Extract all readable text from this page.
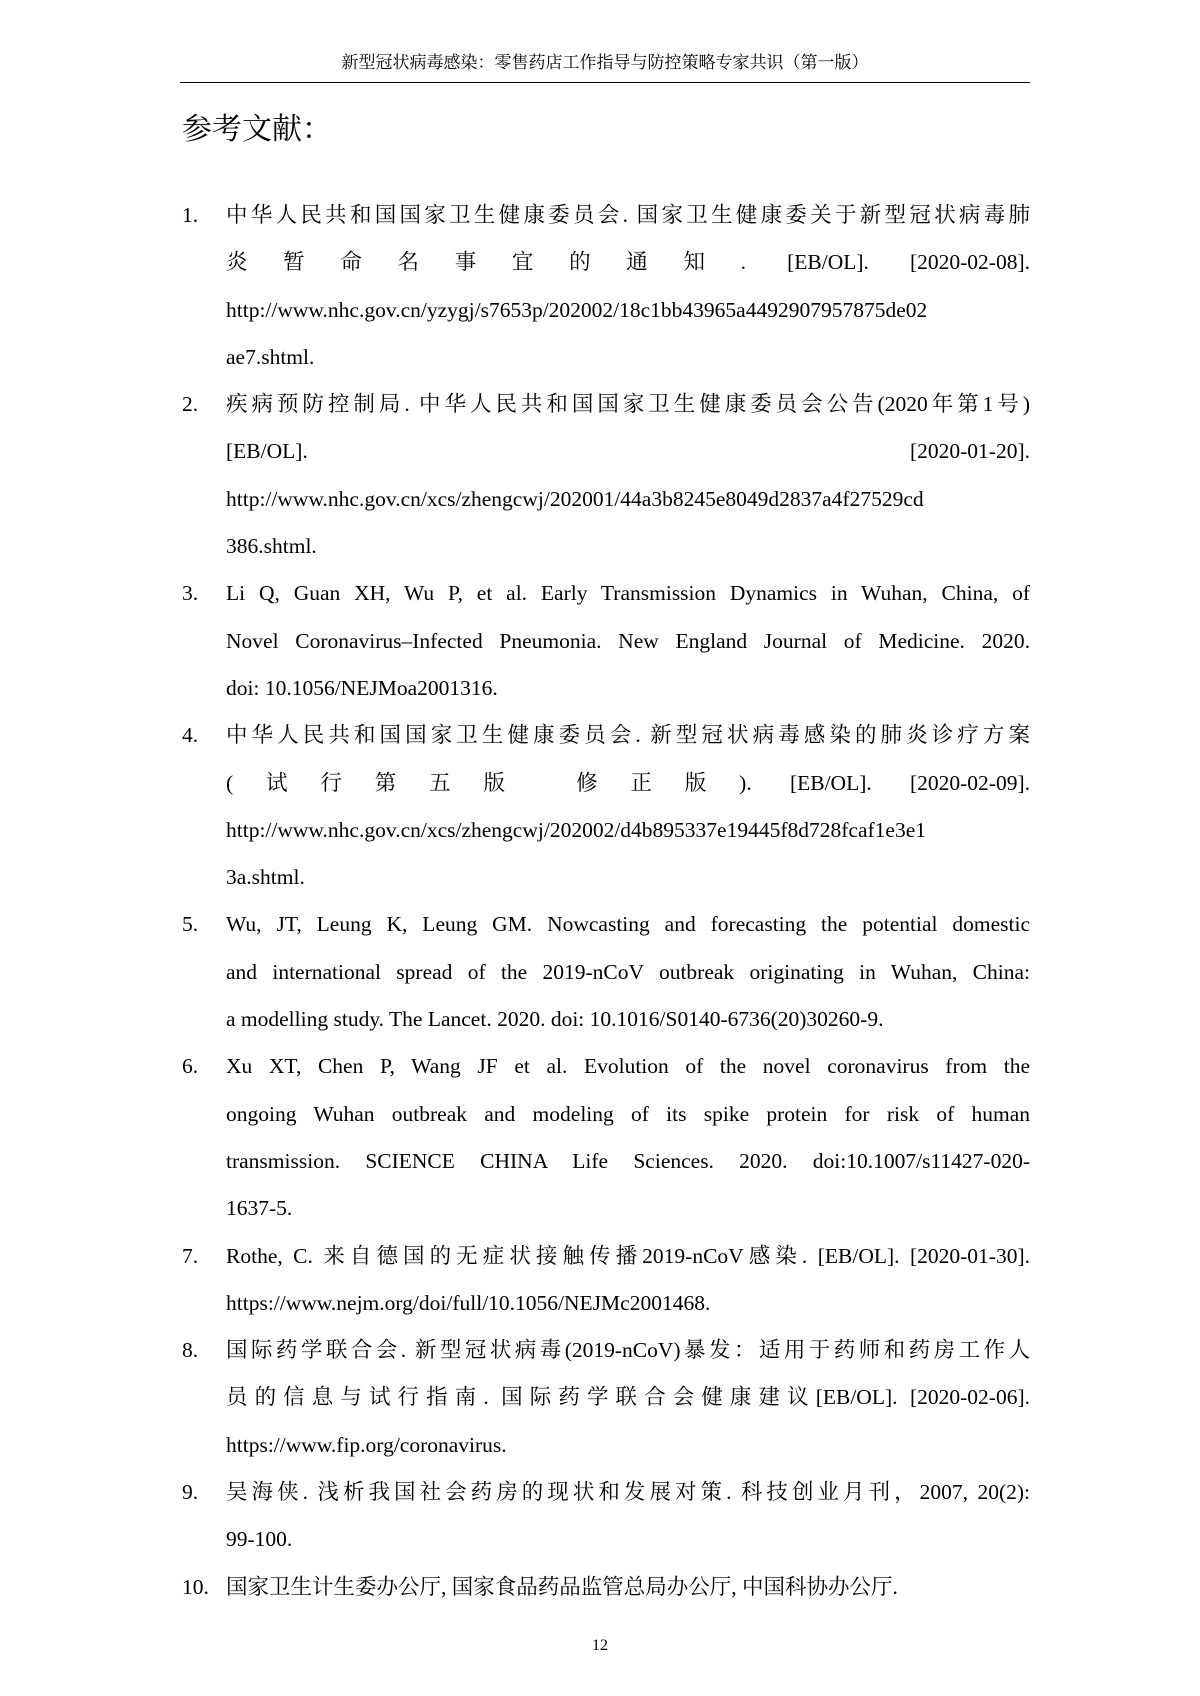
新型冠状病毒感染：零售药店工作指导与防控策略专家共识（第一版）
参考文献：
1. 中华人民共和国国家卫生健康委员会. 国家卫生健康委关于新型冠状病毒肺
炎暂命名事宜的通知. [EB/OL]. [2020-02-08].
http://www.nhc.gov.cn/yzygj/s7653p/202002/18c1bb43965a4492907957875de02
ae7.shtml.
2. 疾病预防控制局. 中华人民共和国国家卫生健康委员会公告(2020年第1号)
[EB/OL]. [2020-01-20].
http://www.nhc.gov.cn/xcs/zhengcwj/202001/44a3b8245e8049d2837a4f27529cd
386.shtml.
3. Li Q, Guan XH, Wu P, et al. Early Transmission Dynamics in Wuhan, China, of
Novel Coronavirus–Infected Pneumonia. New England Journal of Medicine. 2020.
doi: 10.1056/NEJMoa2001316.
4. 中华人民共和国国家卫生健康委员会. 新型冠状病毒感染的肺炎诊疗方案
(试行第五版 修正版). [EB/OL]. [2020-02-09].
http://www.nhc.gov.cn/xcs/zhengcwj/202002/d4b895337e19445f8d728fcaf1e3e1
3a.shtml.
5. Wu, JT, Leung K, Leung GM. Nowcasting and forecasting the potential domestic
and international spread of the 2019-nCoV outbreak originating in Wuhan, China:
a modelling study. The Lancet. 2020. doi: 10.1016/S0140-6736(20)30260-9.
6. Xu XT, Chen P, Wang JF et al. Evolution of the novel coronavirus from the
ongoing Wuhan outbreak and modeling of its spike protein for risk of human
transmission. SCIENCE CHINA Life Sciences. 2020. doi:10.1007/s11427-020-
1637-5.
7. Rothe, C. 来自德国的无症状接触传播2019-nCoV感染. [EB/OL]. [2020-01-30].
https://www.nejm.org/doi/full/10.1056/NEJMc2001468.
8. 国际药学联合会. 新型冠状病毒(2019-nCoV)暴发：适用于药师和药房工作人
员的信息与试行指南. 国际药学联合会健康建议[EB/OL]. [2020-02-06].
https://www.fip.org/coronavirus.
9. 吴海侠. 浅析我国社会药房的现状和发展对策. 科技创业月刊，2007, 20(2):
99-100.
10. 国家卫生计生委办公厅, 国家食品药品监管总局办公厅, 中国科协办公厅.
12
